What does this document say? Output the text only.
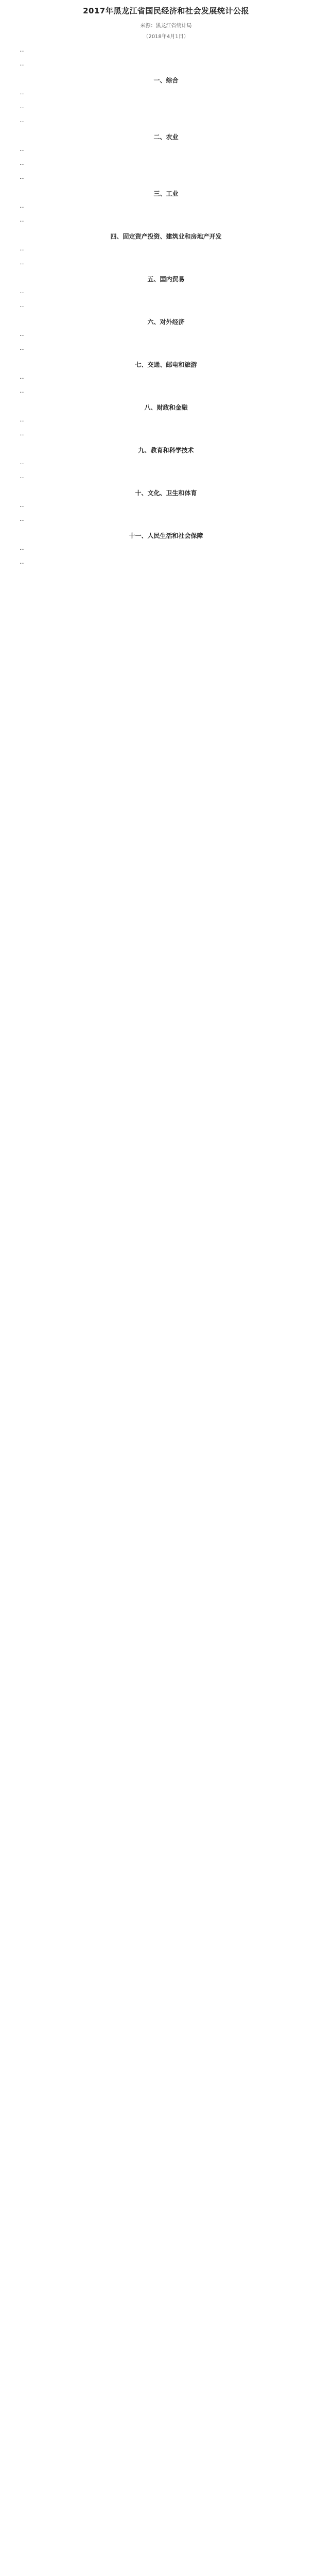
2017年黑龙江省国民经济和社会发展统计公报
来源：黑龙江省统计局
（2018年4月1日）
…
…
一、综合
…
…
…
二、农业
…
…
…
三、工业
…
…
四、固定资产投资、建筑业和房地产开发
…
…
五、国内贸易
…
…
六、对外经济
…
…
七、交通、邮电和旅游
…
…
八、财政和金融
…
…
九、教育和科学技术
…
…
十、文化、卫生和体育
…
…
十一、人民生活和社会保障
…
…
